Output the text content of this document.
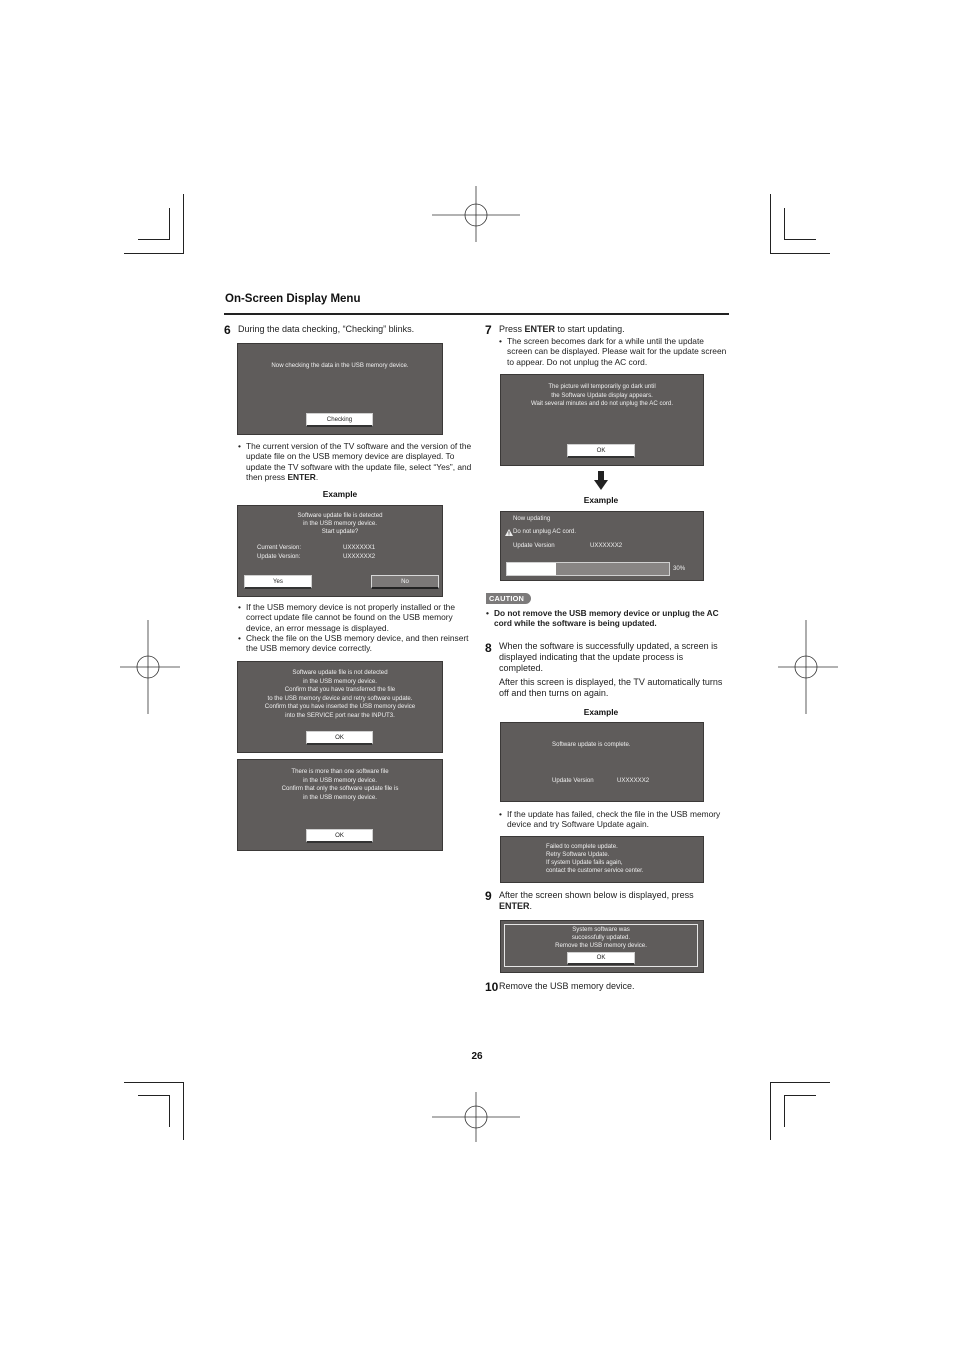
On-Screen Display Menu
6 During the data checking, “Checking” blinks.
Now checking the data in the USB memory device.
Checking
• The current version of the TV software and the version of the update file on the USB memory device are displayed. To update the TV software with the update file, select “Yes”, and then press ENTER.
Example
Software update file is detected
in the USB memory device.
Start update?
Current Version:	UXXXXXX1
Update Version:	UXXXXXX2
Yes	No
• If the USB memory device is not properly installed or the correct update file cannot be found on the USB memory device, an error message is displayed.
• Check the file on the USB memory device, and then reinsert the USB memory device correctly.
Software update file is not detected
in the USB memory device.
Confirm that you have transferred the file
to the USB memory device and retry software update.
Confirm that you have inserted the USB memory device
into the SERVICE port near the INPUT3.
OK
There is more than one software file
in the USB memory device.
Confirm that only the software update file is
in the USB memory device.
OK
7 Press ENTER to start updating.
• The screen becomes dark for a while until the update screen can be displayed. Please wait for the update screen to appear. Do not unplug the AC cord.
The picture will temporarily go dark until
the Software Update display appears.
Wait several minutes and do not unplug the AC cord.
OK
Example
Now updating
Do not unplug AC cord.
Update Version	UXXXXXX2
30%
CAUTION
• Do not remove the USB memory device or unplug the AC cord while the software is being updated.
8 When the software is successfully updated, a screen is displayed indicating that the update process is completed.
After this screen is displayed, the TV automatically turns off and then turns on again.
Example
Software update is complete.
Update Version	UXXXXXX2
• If the update has failed, check the file in the USB memory device and try Software Update again.
Failed to complete update.
Retry Software Update.
If system Update fails again,
contact the customer service center.
9 After the screen shown below is displayed, press ENTER.
System software was
successfully updated.
Remove the USB memory device.
OK
10 Remove the USB memory device.
26
